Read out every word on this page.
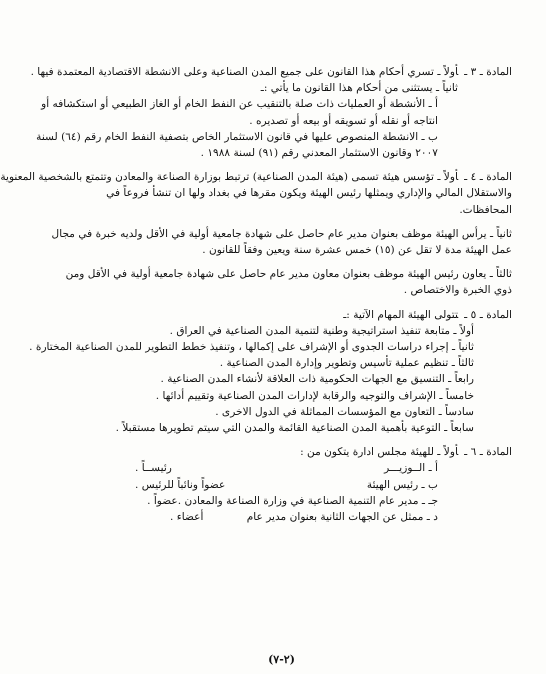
المادة ـ ٣ ـأولاً ـ تسري أحكام هذا القانون على جميع المدن الصناعية وعلى الانشطة الاقتصادية المعتمدة فيها .

ثانياً ـ يستثنى من أحكام هذا القانون ما يأتي :ـ

أ ـ الأنشطة أو العمليات ذات صلة بالتنقيب عن النفط الخام أو الغاز الطبيعي أو استكشافه أو

انتاجه أو نقله أو تسويقه أو بيعه أو تصديره .

ب ـ الانشطة المنصوص عليها في قانون الاستثمار الخاص بتصفية النفط الخام رقم (٦٤) لسنة

٢٠٠٧ وقانون الاستثمار المعدني رقم (٩١) لسنة ١٩٨٨ .

المادة ـ ٤ ـأولاً ـ تؤسس هيئة تسمى (هيئة المدن الصناعية) ترتبط بوزارة الصناعة والمعادن وتتمتع بالشخصية المعنوية

والاستقلال المالي والإداري ويمثلها رئيس الهيئة ويكون مقرها في بغداد ولها ان تنشأ فروعاً في

المحافظات.

ثانياً ـ يرأس الهيئة موظف بعنوان مدير عام حاصل على شهادة جامعية أولية في الأقل ولديه خبرة في مجال

عمل الهيئة مدة لا تقل عن (١٥) خمس عشرة سنة ويعين وفقاً للقانون .

ثالثاً ـ يعاون رئيس الهيئة موظف بعنوان معاون مدير عام حاصل على شهادة جامعية أولية في الأقل ومن

ذوي الخبرة والاختصاص .

المادة ـ ٥ ـتتولى الهيئة المهام الآتية :ـ

أولاً ـ متابعة تنفيذ استراتيجية وطنية لتنمية المدن الصناعية في العراق .

ثانياً ـ إجراء دراسات الجدوى أو الإشراف على إكمالها ، وتنفيذ خطط التطوير للمدن الصناعية المختارة .

ثالثاً ـ تنظيم عملية تأسيس وتطوير وإدارة المدن الصناعية .

رابعاً ـ التنسيق مع الجهات الحكومية ذات العلاقة لأنشاء المدن الصناعية .

خامساً ـ الإشراف والتوجيه والرقابة لإدارات المدن الصناعية وتقييم أدائها .

سادساً ـ التعاون مع المؤسسات المماثلة في الدول الاخرى .

سابعاً ـ التوعية بأهمية المدن الصناعية القائمة والمدن التي سيتم تطويرها مستقبلاً .

المادة ـ ٦ ـأولاً ـ للهيئة مجلس ادارة يتكون من :

أ ـ الــوزيـــر
رئيســاً .
ب ـ رئيس الهيئة
عضواً ونائباً للرئيس .
جـ ـ مدير عام التنمية الصناعية في وزارة الصناعة والمعادن .
عضواً .
د ـ ممثل عن الجهات الثانية بعنوان مدير عام
أعضاء .
(٢-٧)
